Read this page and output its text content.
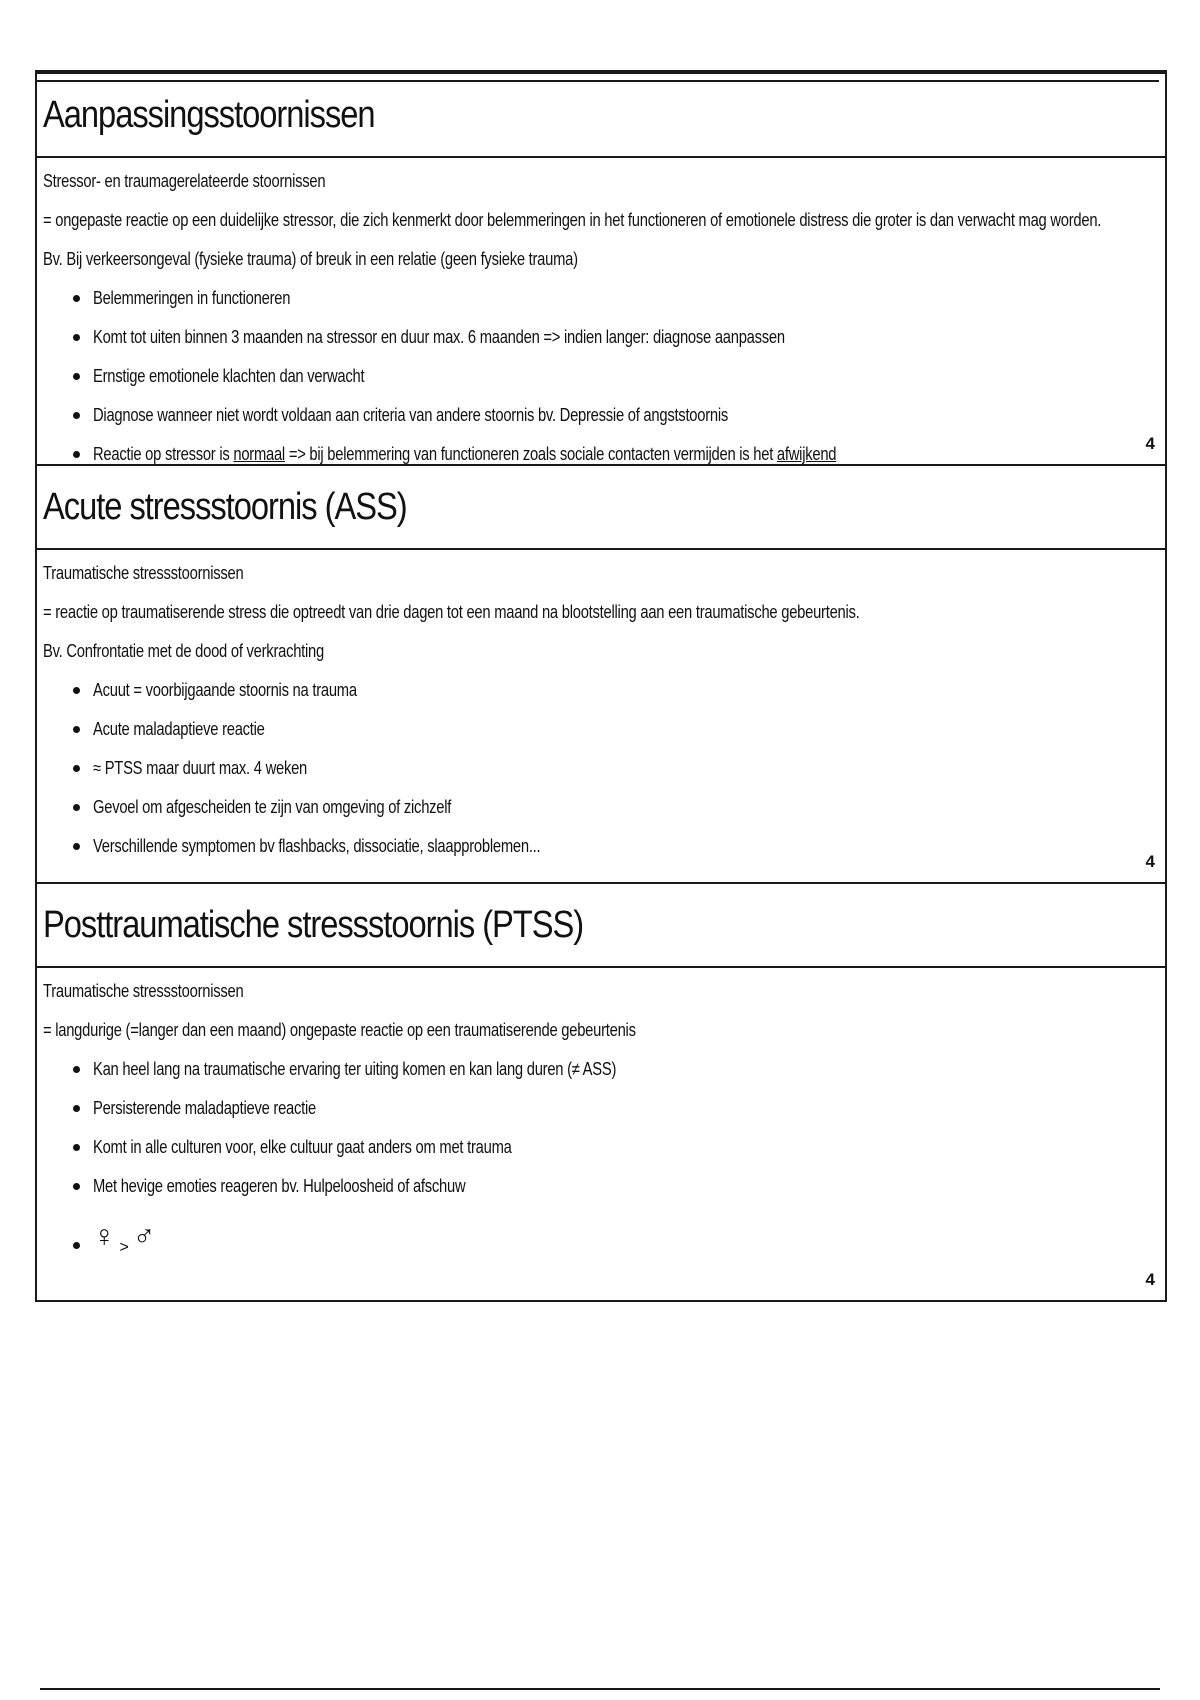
Aanpassingsstoornissen
Stressor- en traumagerelateerde stoornissen
= ongepaste reactie op een duidelijke stressor, die zich kenmerkt door belemmeringen in het functioneren of emotionele distress die groter is dan verwacht mag worden.
Bv. Bij verkeersongeval (fysieke trauma) of breuk in een relatie (geen fysieke trauma)
Belemmeringen in functioneren
Komt tot uiten binnen 3 maanden na stressor en duur max. 6 maanden => indien langer: diagnose aanpassen
Ernstige emotionele klachten dan verwacht
Diagnose wanneer niet wordt voldaan aan criteria van andere stoornis bv. Depressie of angststoornis
Reactie op stressor is normaal => bij belemmering van functioneren zoals sociale contacten vermijden is het afwijkend
4
Acute stressstoornis (ASS)
Traumatische stressstoornissen
= reactie op traumatiserende stress die optreedt van drie dagen tot een maand na blootstelling aan een traumatische gebeurtenis.
Bv. Confrontatie met de dood of verkrachting
Acuut = voorbijgaande stoornis na trauma
Acute maladaptieve reactie
≈ PTSS maar duurt max. 4 weken
Gevoel om afgescheiden te zijn van omgeving of zichzelf
Verschillende symptomen bv flashbacks, dissociatie, slaapproblemen...
4
Posttraumatische stressstoornis (PTSS)
Traumatische stressstoornissen
= langdurige (=langer dan een maand) ongepaste reactie op een traumatiserende gebeurtenis
Kan heel lang na traumatische ervaring ter uiting komen en kan lang duren (≠ ASS)
Persisterende maladaptieve reactie
Komt in alle culturen voor, elke cultuur gaat anders om met trauma
Met hevige emoties reageren bv. Hulpeloosheid of afschuw
♀ $_>$ ♂
4
